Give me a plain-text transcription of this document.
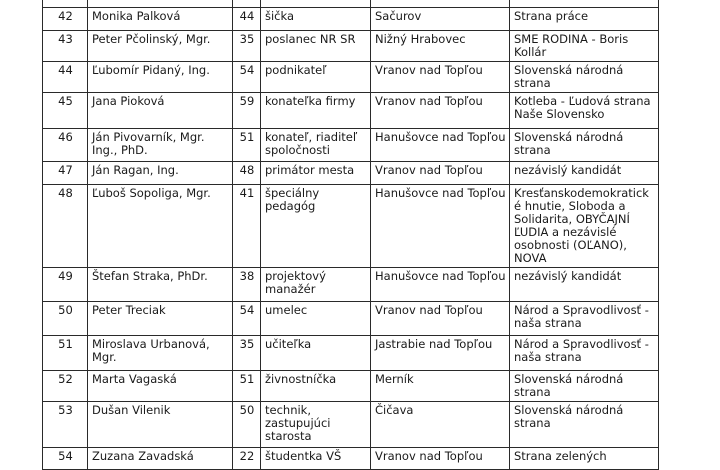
42	Monika Palková	44	šička	Sačurov	Strana práce
43	Peter Pčolinský, Mgr.	35	poslanec NR SR	Nižný Hrabovec	SME RODINA - Boris Kollár
44	Ľubomír Pidaný, Ing.	54	podnikateľ	Vranov nad Topľou	Slovenská národná strana
45	Jana Pioková	59	konateľka firmy	Vranov nad Topľou	Kotleba - Ľudová strana Naše Slovensko
46	Ján Pivovarník, Mgr. Ing., PhD.	51	konateľ, riaditeľ spoločnosti	Hanušovce nad Topľou	Slovenská národná strana
47	Ján Ragan, Ing.	48	primátor mesta	Vranov nad Topľou	nezávislý kandidát
48	Ľuboš Sopoliga, Mgr.	41	špeciálny pedagóg	Hanušovce nad Topľou	Kresťanskodemokratické hnutie, Sloboda a Solidarita, OBYČAJNÍ ĽUDIA a nezávislé osobnosti (OĽANO), NOVA
49	Štefan Straka, PhDr.	38	projektový manažér	Hanušovce nad Topľou	nezávislý kandidát
50	Peter Treciak	54	umelec	Vranov nad Topľou	Národ a Spravodlivosť - naša strana
51	Miroslava Urbanová, Mgr.	35	učiteľka	Jastrabie nad Topľou	Národ a Spravodlivosť - naša strana
52	Marta Vagaská	51	živnostníčka	Merník	Slovenská národná strana
53	Dušan Vilenik	50	technik, zastupujúci starosta	Čičava	Slovenská národná strana
54	Zuzana Zavadská	22	študentka VŠ	Vranov nad Topľou	Strana zelených
